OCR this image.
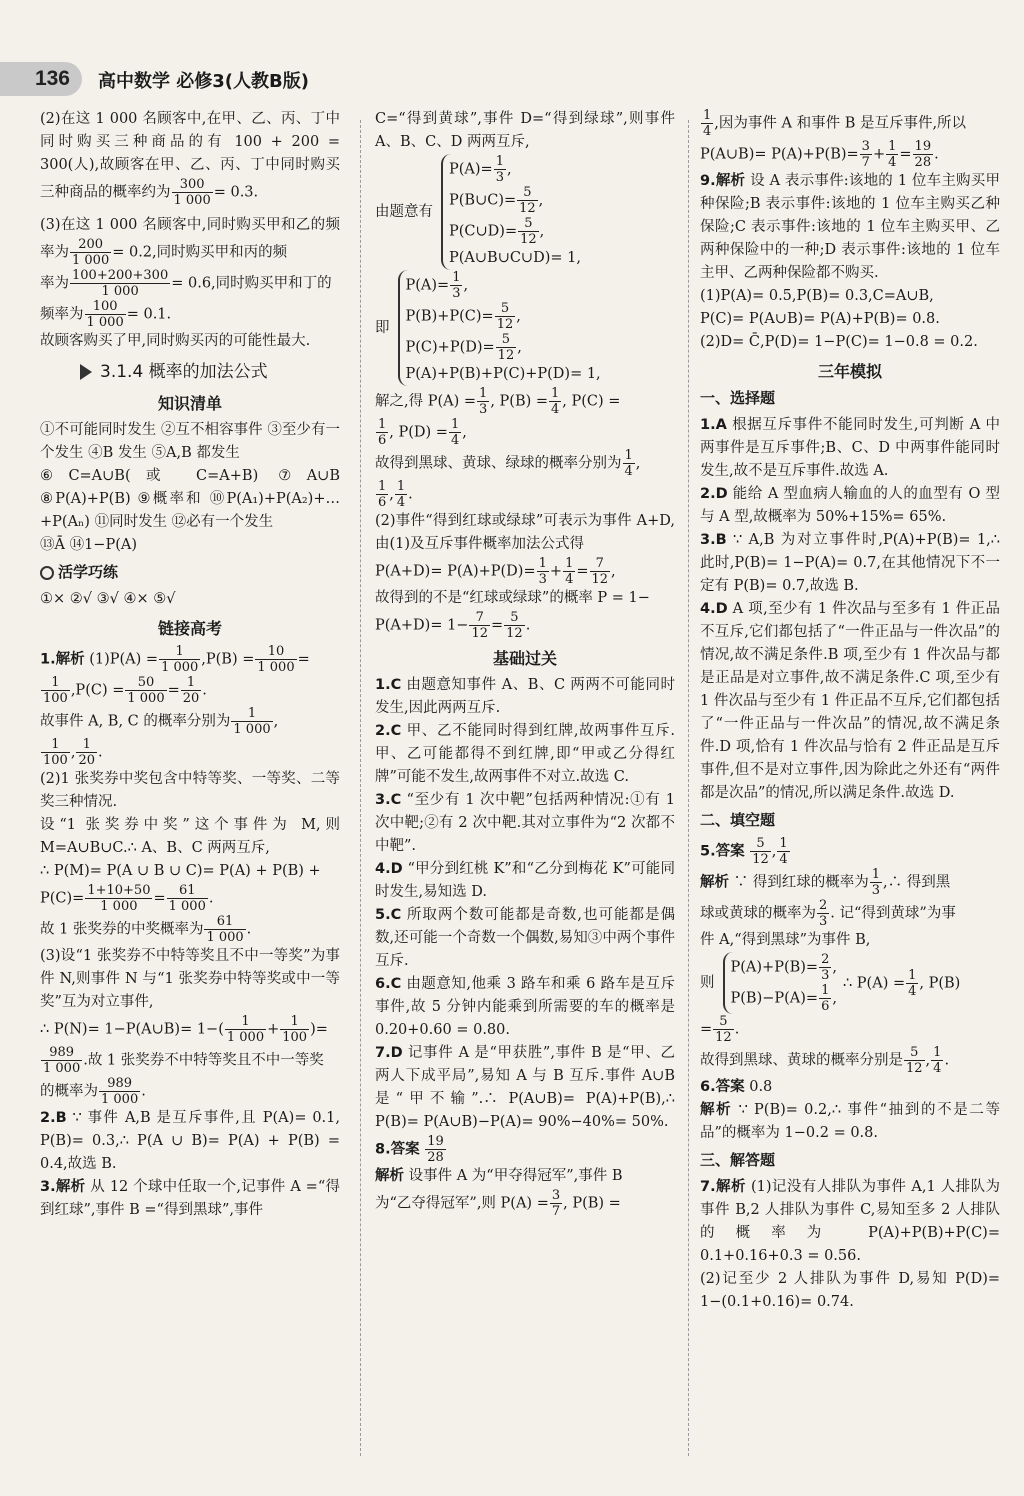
136	高中数学 必修3(人教B版)

(2)在这 1 000 名顾客中,在甲、乙、丙、丁中同时购买三种商品的有 100 + 200 = 300(人),故顾客在甲、乙、丙、丁中同时购买三种商品的概率约为 $\frac{300}{1 000} = 0.3$.

(3)在这 1 000 名顾客中,同时购买甲和乙的频率为 $\frac{200}{1 000} = 0.2$,同时购买甲和丙的频

率为 $\frac{100+200+300}{1 000} = 0.6$,同时购买甲和丁的

频率为 $\frac{100}{1 000} = 0.1$.

故顾客购买了甲,同时购买丙的可能性最大.

3.1.4 概率的加法公式
知识清单

①不可能同时发生 ②互不相容事件 ③至少有一个发生 ④B 发生 ⑤A,B 都发生

⑥C=A∪B(或 C=A+B) ⑦A∪B ⑧P(A)+P(B) ⑨概率和 ⑩P(A₁)+P(A₂)+…+P(Aₙ) ⑪同时发生 ⑫必有一个发生

⑬Ā ⑭1−P(A)

活学巧练

①× ②√ ③√ ④× ⑤√

链接高考

1.解析 $(1)P(A) = \frac{1}{1 000} ,P(B) = \frac{10}{1 000}$ =

$\frac{1}{100} ,P(C) = \frac{50}{1 000} = \frac{1}{20}$ .

故事件 A, B, C 的概率分别为 $\frac{1}{1 000}$ ,

$\frac{1}{100}$ , $\frac{1}{20}$ .

(2)1 张奖券中奖包含中特等奖、一等奖、二等奖三种情况.

设“1 张奖券中奖”这个事件为 M,则 M=A∪B∪C.∴ A、B、C 两两互斥,

∴ P(M)= P(A ∪ B ∪ C)= P(A) + P(B) +

$P(C)= \frac{1+10+50}{1 000} = \frac{61}{1 000}$ .

故 1 张奖券的中奖概率为 $\frac{61}{1 000}$ .

(3)设“1 张奖券不中特等奖且不中一等奖”为事件 N,则事件 N 与“1 张奖券中特等奖或中一等奖”互为对立事件,

∴ P(N)= 1−P(A∪B)= $1-( \frac{1}{1 000} + \frac{1}{100}$ )=

$\frac{989}{1 000}$ .故 1 张奖券不中特等奖且不中一等奖

的概率为 $\frac{989}{1 000}$ .

2.B ∵ 事件 A,B 是互斥事件,且 P(A)= 0.1, P(B)= 0.3,∴ P(A ∪ B)= P(A) + P(B) = 0.4,故选 B.

3.解析 从 12 个球中任取一个,记事件 A =“得到红球”,事件 B =“得到黑球”,事件

C=“得到黄球”,事件 D=“得到绿球”,则事件 A、B、C、D 两两互斥,

由题意有
$P(A)= \frac{1}{3}$ ,
P(B∪C)= $\frac{5}{12}$ ,
P(C∪D)= $\frac{5}{12}$ ,
P(A∪B∪C∪D)= 1,
即
$P(A)= \frac{1}{3}$ ,
$P(B)+P(C)= \frac{5}{12}$ ,
$P(C)+P(D)= \frac{5}{12}$ ,
P(A)+P(B)+P(C)+P(D)= 1,

解之,得 $P(A) = \frac{1}{3}$ , $P(B) = \frac{1}{4}$ , P(C) =

$\frac{1}{6}$ , $P(D) = \frac{1}{4}$ ,

故得到黑球、黄球、绿球的概率分别为 $\frac{1}{4}$ ,

$\frac{1}{6}$ , $\frac{1}{4}$ .

(2)事件“得到红球或绿球”可表示为事件 A+D,由(1)及互斥事件概率加法公式得

$P(A+D)= P(A)+P(D)= \frac{1}{3} + \frac{1}{4} = \frac{7}{12}$ ,

故得到的不是“红球或绿球”的概率 P = 1−

$P(A+D)= 1- \frac{7}{12} = \frac{5}{12}$ .

基础过关

1.C 由题意知事件 A、B、C 两两不可能同时发生,因此两两互斥.

2.C 甲、乙不能同时得到红牌,故两事件互斥.甲、乙可能都得不到红牌,即“甲或乙分得红牌”可能不发生,故两事件不对立.故选 C.

3.C “至少有 1 次中靶”包括两种情况:①有 1 次中靶;②有 2 次中靶.其对立事件为“2 次都不中靶”.

4.D “甲分到红桃 K”和“乙分到梅花 K”可能同时发生,易知选 D.

5.C 所取两个数可能都是奇数,也可能都是偶数,还可能一个奇数一个偶数,易知③中两个事件互斥.

6.C 由题意知,他乘 3 路车和乘 6 路车是互斥事件,故 5 分钟内能乘到所需要的车的概率是 0.20+0.60 = 0.80.

7.D 记事件 A 是“甲获胜”,事件 B 是“甲、乙两人下成平局”,易知 A 与 B 互斥.事件 A∪B 是“甲不输”.∴ P(A∪B)= P(A)+P(B),∴ P(B)= P(A∪B)−P(A)= 90%−40%= 50%.

8.答案 $\frac{19}{28}$

解析 设事件 A 为“甲夺得冠军”,事件 B

为“乙夺得冠军”,则 $P(A) = \frac{3}{7}$ , P(B) =

$\frac{1}{4}$ ,因为事件 A 和事件 B 是互斥事件,所以

P(A∪B)= $P(A)+P(B)= \frac{3}{7} + \frac{1}{4} = \frac{19}{28}$ .

9.解析 设 A 表示事件:该地的 1 位车主购买甲种保险;B 表示事件:该地的 1 位车主购买乙种保险;C 表示事件:该地的 1 位车主购买甲、乙两种保险中的一种;D 表示事件:该地的 1 位车主甲、乙两种保险都不购买.

(1)P(A)= 0.5,P(B)= 0.3,C=A∪B,

P(C)= P(A∪B)= P(A)+P(B)= 0.8.

(2)D= C̄,P(D)= 1−P(C)= 1−0.8 = 0.2.

三年模拟
一、选择题

1.A 根据互斥事件不能同时发生,可判断 A 中两事件是互斥事件;B、C、D 中两事件能同时发生,故不是互斥事件.故选 A.

2.D 能给 A 型血病人输血的人的血型有 O 型与 A 型,故概率为 50%+15%= 65%.

3.B ∵ A,B 为对立事件时,P(A)+P(B)= 1,∴ 此时,P(B)= 1−P(A)= 0.7,在其他情况下不一定有 P(B)= 0.7,故选 B.

4.D A 项,至少有 1 件次品与至多有 1 件正品不互斥,它们都包括了“一件正品与一件次品”的情况,故不满足条件.B 项,至少有 1 件次品与都是正品是对立事件,故不满足条件.C 项,至少有 1 件次品与至少有 1 件正品不互斥,它们都包括了“一件正品与一件次品”的情况,故不满足条件.D 项,恰有 1 件次品与恰有 2 件正品是互斥事件,但不是对立事件,因为除此之外还有“两件都是次品”的情况,所以满足条件.故选 D.

二、填空题

5.答案 $\frac{5}{12}$ , $\frac{1}{4}$

解析 ∵ 得到红球的概率为 $\frac{1}{3}$ ,∴ 得到黑

球或黄球的概率为 $\frac{2}{3}$ . 记“得到黄球”为事

件 A,“得到黑球”为事件 B,

则
$P(A)+P(B)= \frac{2}{3}$ ,
$P(B)-P(A)= \frac{1}{6}$ ,
∴ $P(A) = \frac{1}{4}$ , P(B)

= $\frac{5}{12}$ .

故得到黑球、黄球的概率分别是 $\frac{5}{12}$ , $\frac{1}{4}$ .

6.答案 0.8

解析 ∵ P(B)= 0.2,∴ 事件“抽到的不是二等品”的概率为 1−0.2 = 0.8.

三、解答题

7.解析 (1)记没有人排队为事件 A,1 人排队为事件 B,2 人排队为事件 C,易知至多 2 人排队的概率为 P(A)+P(B)+P(C)= 0.1+0.16+0.3 = 0.56.

(2)记至少 2 人排队为事件 D,易知 P(D)= 1−(0.1+0.16)= 0.74.
